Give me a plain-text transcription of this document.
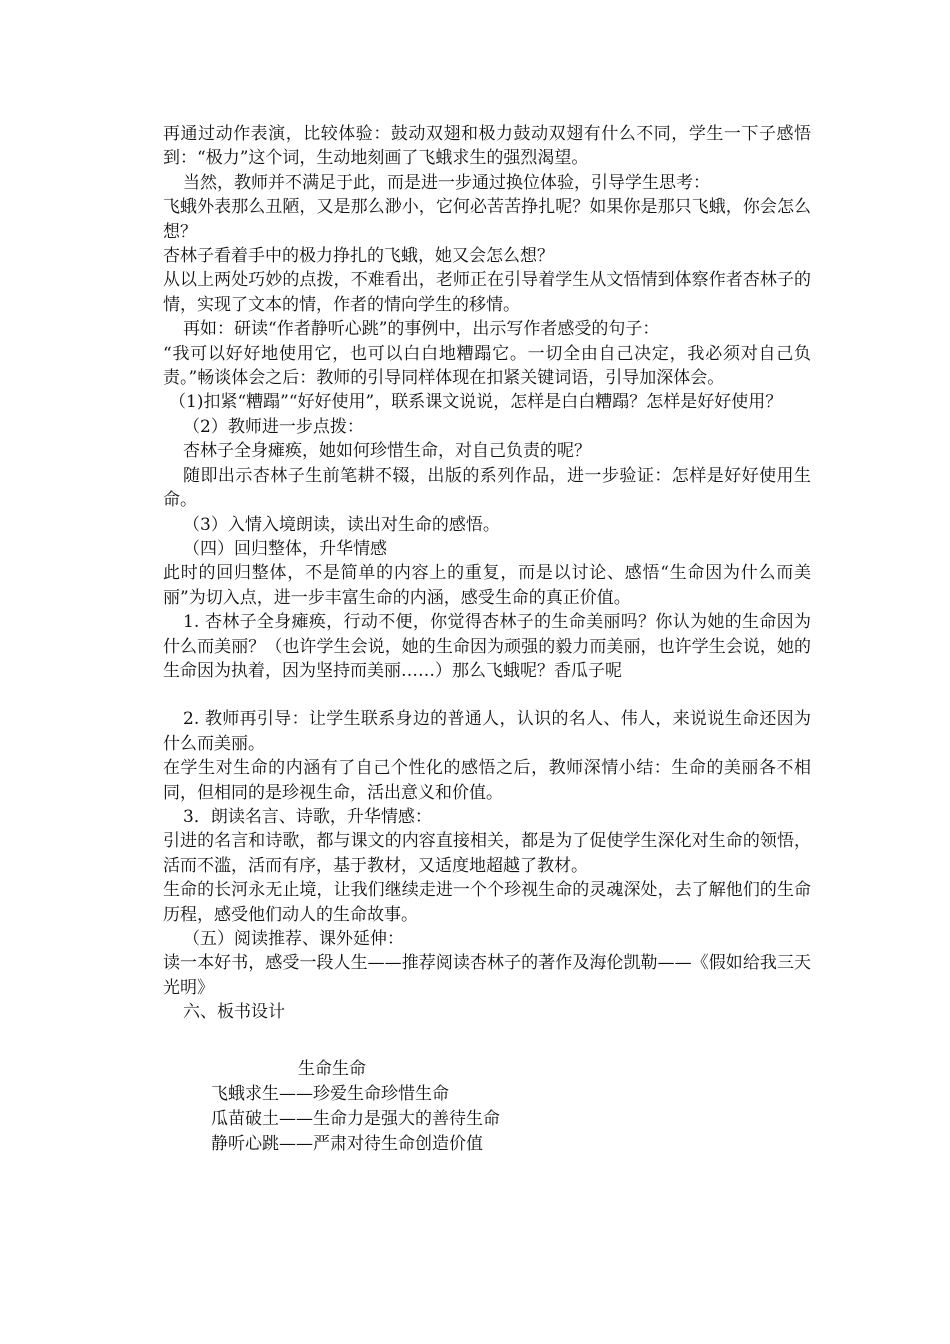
再通过动作表演，比较体验：鼓动双翅和极力鼓动双翅有什么不同，学生一下子感悟到：“极力”这个词，生动地刻画了飞蛾求生的强烈渴望。

当然，教师并不满足于此，而是进一步通过换位体验，引导学生思考：

飞蛾外表那么丑陋，又是那么渺小，它何必苦苦挣扎呢？如果你是那只飞蛾，你会怎么想？

杏林子看着手中的极力挣扎的飞蛾，她又会怎么想？

从以上两处巧妙的点拨，不难看出，老师正在引导着学生从文悟情到体察作者杏林子的情，实现了文本的情，作者的情向学生的移情。

再如：研读“作者静听心跳”的事例中，出示写作者感受的句子：

“我可以好好地使用它，也可以白白地糟蹋它。一切全由自己决定，我必须对自己负责。”畅谈体会之后：教师的引导同样体现在扣紧关键词语，引导加深体会。

（1)扣紧“糟蹋”“好好使用”，联系课文说说，怎样是白白糟蹋？怎样是好好使用？

（2）教师进一步点拨：

杏林子全身瘫痪，她如何珍惜生命，对自己负责的呢？

随即出示杏林子生前笔耕不辍，出版的系列作品，进一步验证：怎样是好好使用生命。

（3）入情入境朗读，读出对生命的感悟。

（四）回归整体，升华情感

此时的回归整体，不是简单的内容上的重复，而是以讨论、感悟“生命因为什么而美丽”为切入点，进一步丰富生命的内涵，感受生命的真正价值。

1. 杏林子全身瘫痪，行动不便，你觉得杏林子的生命美丽吗？你认为她的生命因为什么而美丽？（也许学生会说，她的生命因为顽强的毅力而美丽，也许学生会说，她的生命因为执着，因为坚持而美丽……）那么飞蛾呢？香瓜子呢

2. 教师再引导：让学生联系身边的普通人，认识的名人、伟人，来说说生命还因为什么而美丽。

在学生对生命的内涵有了自己个性化的感悟之后，教师深情小结：生命的美丽各不相同，但相同的是珍视生命，活出意义和价值。

3．朗读名言、诗歌，升华情感：

引进的名言和诗歌，都与课文的内容直接相关，都是为了促使学生深化对生命的领悟，活而不滥，活而有序，基于教材，又适度地超越了教材。

生命的长河永无止境，让我们继续走进一个个珍视生命的灵魂深处，去了解他们的生命历程，感受他们动人的生命故事。

（五）阅读推荐、课外延伸：

读一本好书，感受一段人生——推荐阅读杏林子的著作及海伦凯勒——《假如给我三天光明》

六、板书设计

生命生命

飞蛾求生——珍爱生命珍惜生命

瓜苗破土——生命力是强大的善待生命

静听心跳——严肃对待生命创造价值
